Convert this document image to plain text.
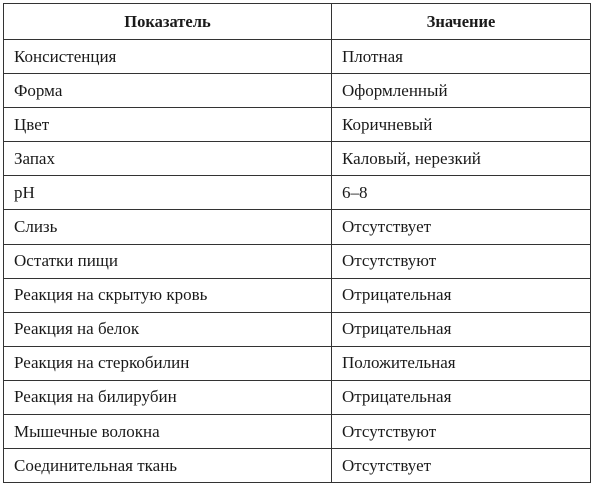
Показатель	Значение
Консистенция	Плотная
Форма	Оформленный
Цвет	Коричневый
Запах	Каловый, нерезкий
pH	6–8
Слизь	Отсутствует
Остатки пищи	Отсутствуют
Реакция на скрытую кровь	Отрицательная
Реакция на белок	Отрицательная
Реакция на стеркобилин	Положительная
Реакция на билирубин	Отрицательная
Мышечные волокна	Отсутствуют
Соединительная ткань	Отсутствует
